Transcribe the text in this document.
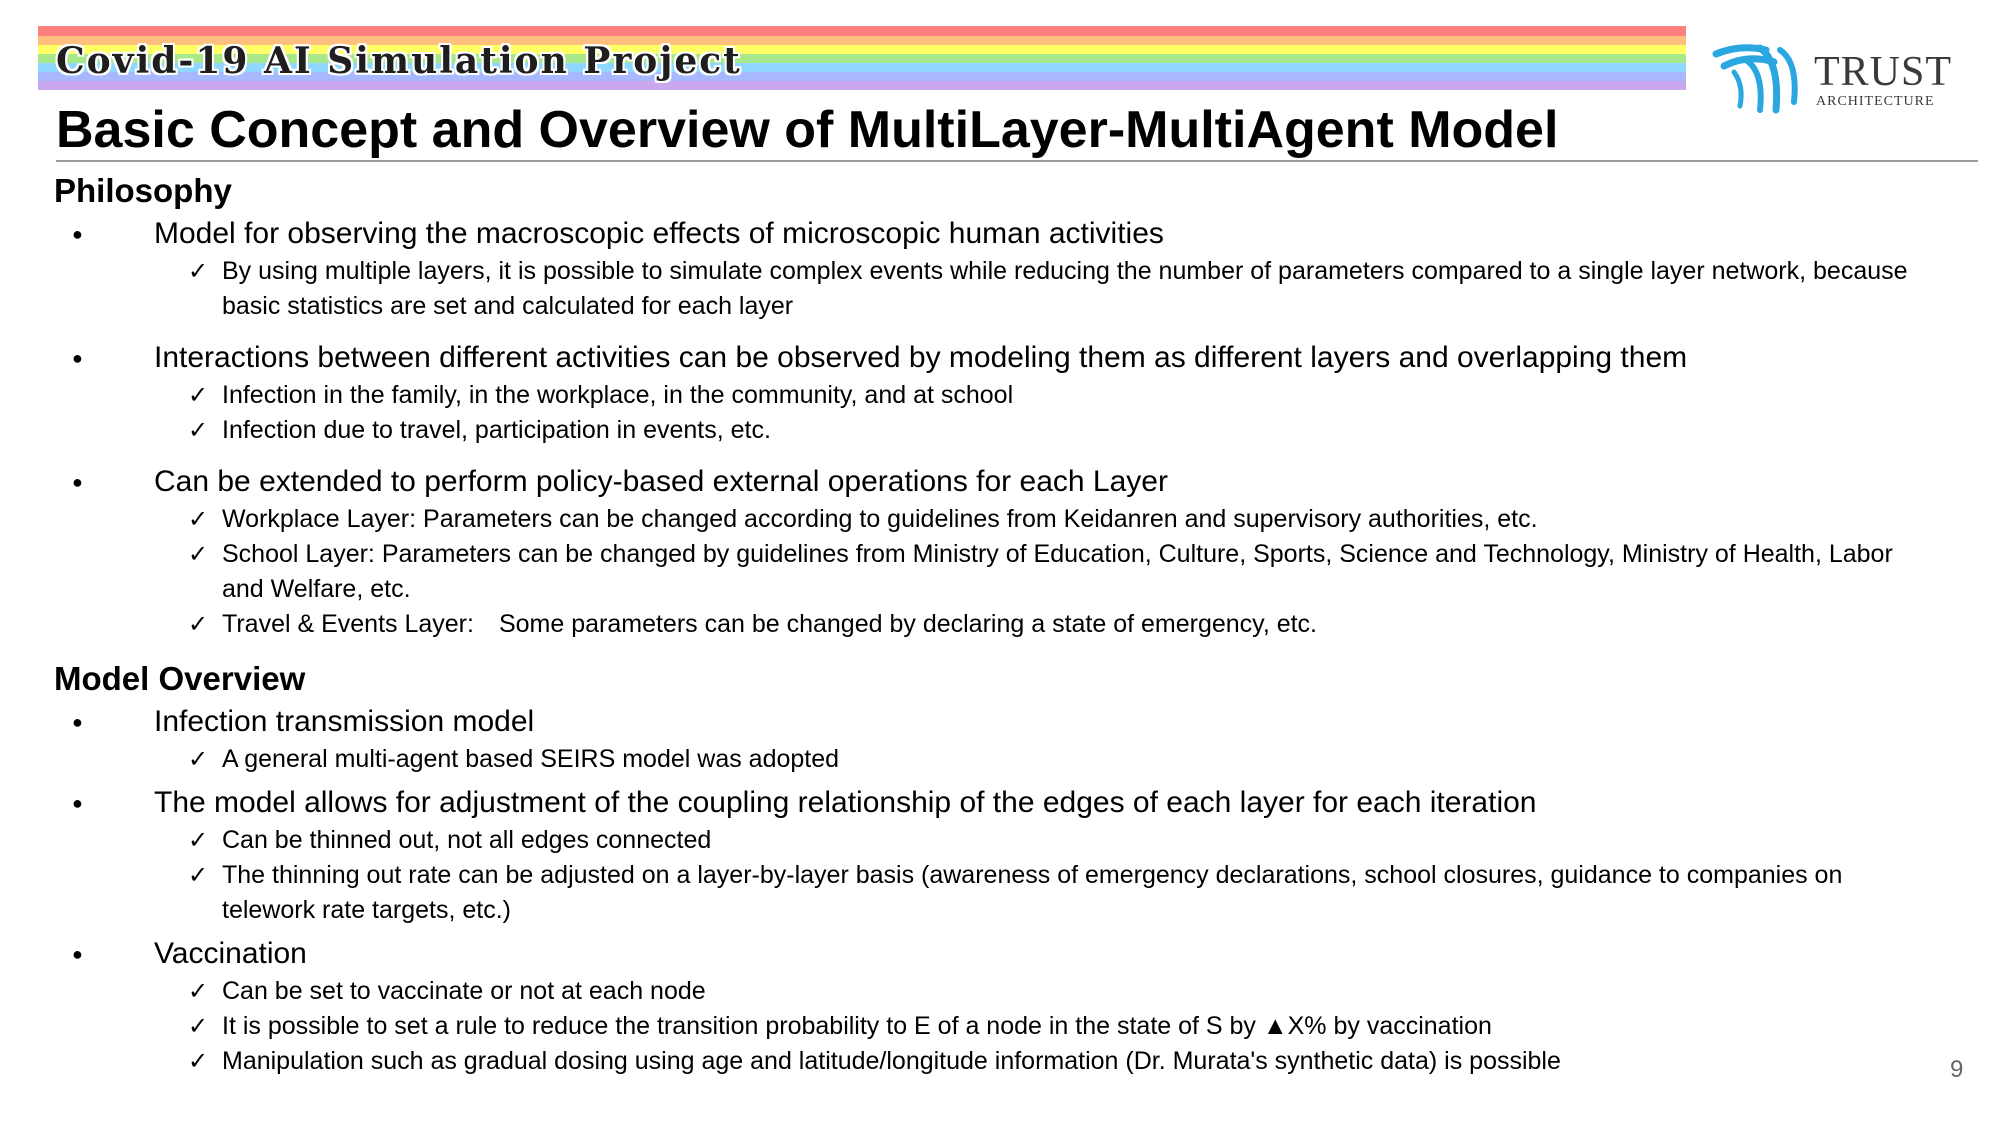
Covid-19 AI Simulation Project	TRUST
ARCHITECTURE
Basic Concept and Overview of MultiLayer-MultiAgent Model
Philosophy
● Model for observing the macroscopic effects of microscopic human activities
✓ By using multiple layers, it is possible to simulate complex events while reducing the number of parameters compared to a single layer network, because basic statistics are set and calculated for each layer
● Interactions between different activities can be observed by modeling them as different layers and overlapping them
✓ Infection in the family, in the workplace, in the community, and at school
✓ Infection due to travel, participation in events, etc.
● Can be extended to perform policy-based external operations for each Layer
✓ Workplace Layer: Parameters can be changed according to guidelines from Keidanren and supervisory authorities, etc.
✓ School Layer: Parameters can be changed by guidelines from Ministry of Education, Culture, Sports, Science and Technology, Ministry of Health, Labor and Welfare, etc.
✓ Travel & Events Layer: Some parameters can be changed by declaring a state of emergency, etc.
Model Overview
● Infection transmission model
✓ A general multi-agent based SEIRS model was adopted
● The model allows for adjustment of the coupling relationship of the edges of each layer for each iteration
✓ Can be thinned out, not all edges connected
✓ The thinning out rate can be adjusted on a layer-by-layer basis (awareness of emergency declarations, school closures, guidance to companies on telework rate targets, etc.)
● Vaccination
✓ Can be set to vaccinate or not at each node
✓ It is possible to set a rule to reduce the transition probability to E of a node in the state of S by ▲X% by vaccination
✓ Manipulation such as gradual dosing using age and latitude/longitude information (Dr. Murata's synthetic data) is possible	9
